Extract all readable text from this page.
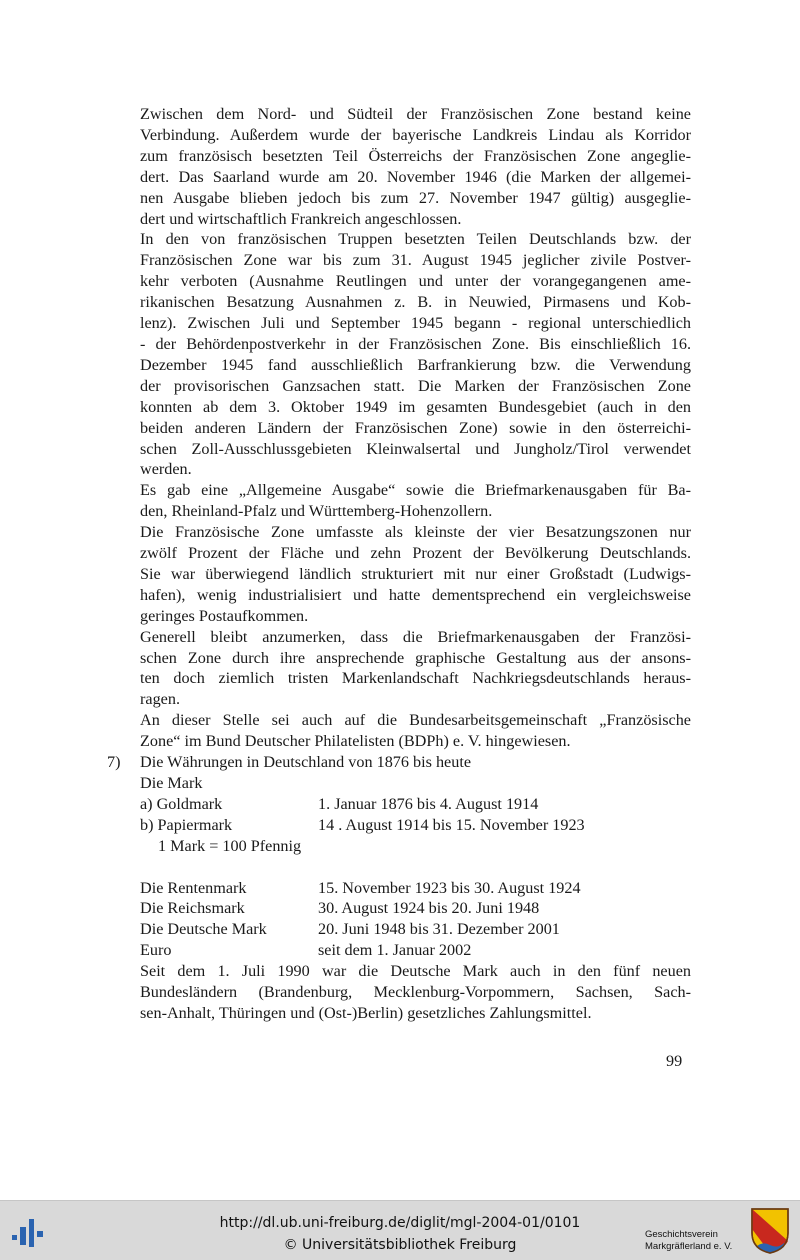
Zwischen dem Nord- und Südteil der Französischen Zone bestand keine
Verbindung. Außerdem wurde der bayerische Landkreis Lindau als Korridor
zum französisch besetzten Teil Österreichs der Französischen Zone angeglie-
dert. Das Saarland wurde am 20. November 1946 (die Marken der allgemei-
nen Ausgabe blieben jedoch bis zum 27. November 1947 gültig) ausgeglie-
dert und wirtschaftlich Frankreich angeschlossen.

In den von französischen Truppen besetzten Teilen Deutschlands bzw. der
Französischen Zone war bis zum 31. August 1945 jeglicher zivile Postver-
kehr verboten (Ausnahme Reutlingen und unter der vorangegangenen ame-
rikanischen Besatzung Ausnahmen z. B. in Neuwied, Pirmasens und Kob-
lenz). Zwischen Juli und September 1945 begann - regional unterschiedlich
- der Behördenpostverkehr in der Französischen Zone. Bis einschließlich 16.
Dezember 1945 fand ausschließlich Barfrankierung bzw. die Verwendung
der provisorischen Ganzsachen statt. Die Marken der Französischen Zone
konnten ab dem 3. Oktober 1949 im gesamten Bundesgebiet (auch in den
beiden anderen Ländern der Französischen Zone) sowie in den österreichi-
schen Zoll-Ausschlussgebieten Kleinwalsertal und Jungholz/Tirol verwendet
werden.

Es gab eine „Allgemeine Ausgabe“ sowie die Briefmarkenausgaben für Ba-
den, Rheinland-Pfalz und Württemberg-Hohenzollern.

Die Französische Zone umfasste als kleinste der vier Besatzungszonen nur
zwölf Prozent der Fläche und zehn Prozent der Bevölkerung Deutschlands.
Sie war überwiegend ländlich strukturiert mit nur einer Großstadt (Ludwigs-
hafen), wenig industrialisiert und hatte dementsprechend ein vergleichsweise
geringes Postaufkommen.

Generell bleibt anzumerken, dass die Briefmarkenausgaben der Französi-
schen Zone durch ihre ansprechende graphische Gestaltung aus der ansons-
ten doch ziemlich tristen Markenlandschaft Nachkriegsdeutschlands heraus-
ragen.

An dieser Stelle sei auch auf die Bundesarbeitsgemeinschaft „Französische
Zone“ im Bund Deutscher Philatelisten (BDPh) e. V. hingewiesen.

7) Die Währungen in Deutschland von 1876 bis heute
Die Mark
a) Goldmark	1. Januar 1876 bis 4. August 1914
b) Papiermark	14 . August 1914 bis 15. November 1923
1 Mark = 100 Pfennig
Die Rentenmark	15. November 1923 bis 30. August 1924
Die Reichsmark	30. August 1924 bis 20. Juni 1948
Die Deutsche Mark	20. Juni 1948 bis 31. Dezember 2001
Euro	seit dem 1. Januar 2002

Seit dem 1. Juli 1990 war die Deutsche Mark auch in den fünf neuen
Bundesländern (Brandenburg, Mecklenburg-Vorpommern, Sachsen, Sach-
sen-Anhalt, Thüringen und (Ost-)Berlin) gesetzliches Zahlungsmittel.

99
http://dl.ub.uni-freiburg.de/diglit/mgl-2004-01/0101
© Universitätsbibliothek Freiburg
Geschichtsverein
Markgräflerland e. V.
